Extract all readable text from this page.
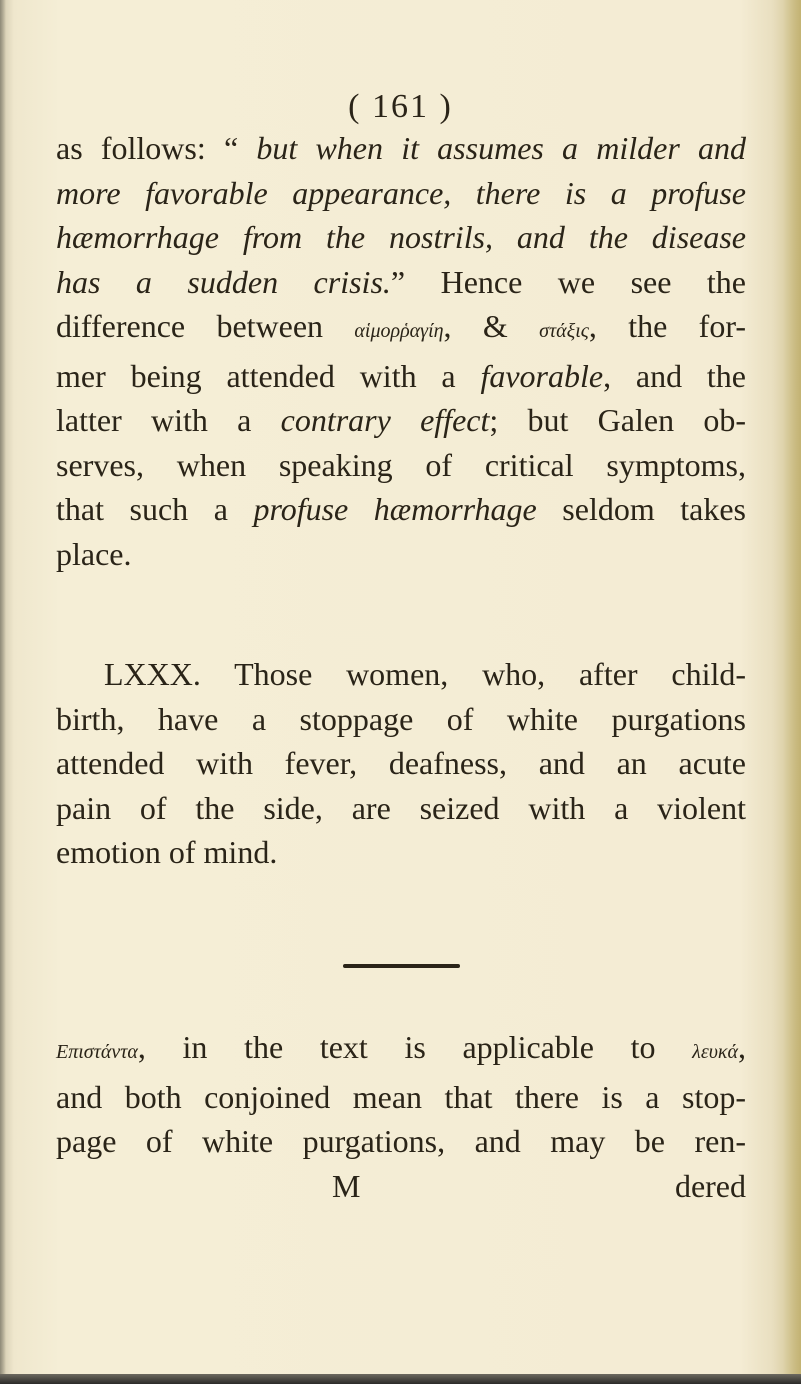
( 161 )
as follows: “ but when it assumes a milder and
more favorable appearance, there is a profuse
hæmorrhage from the nostrils, and the disease
has a sudden crisis.” Hence we see the
difference between αἱμορῥαγίη, & στάξις, the for-
mer being attended with a favorable, and the
latter with a contrary effect; but Galen ob-
serves, when speaking of critical symptoms,
that such a profuse hæmorrhage seldom takes
place.
LXXX. Those women, who, after child-
birth, have a stoppage of white purgations
attended with fever, deafness, and an acute
pain of the side, are seized with a violent
emotion of mind.
Επιστάντα, in the text is applicable to λευκά,
and both conjoined mean that there is a stop-
page of white purgations, and may be ren-
M	dered
